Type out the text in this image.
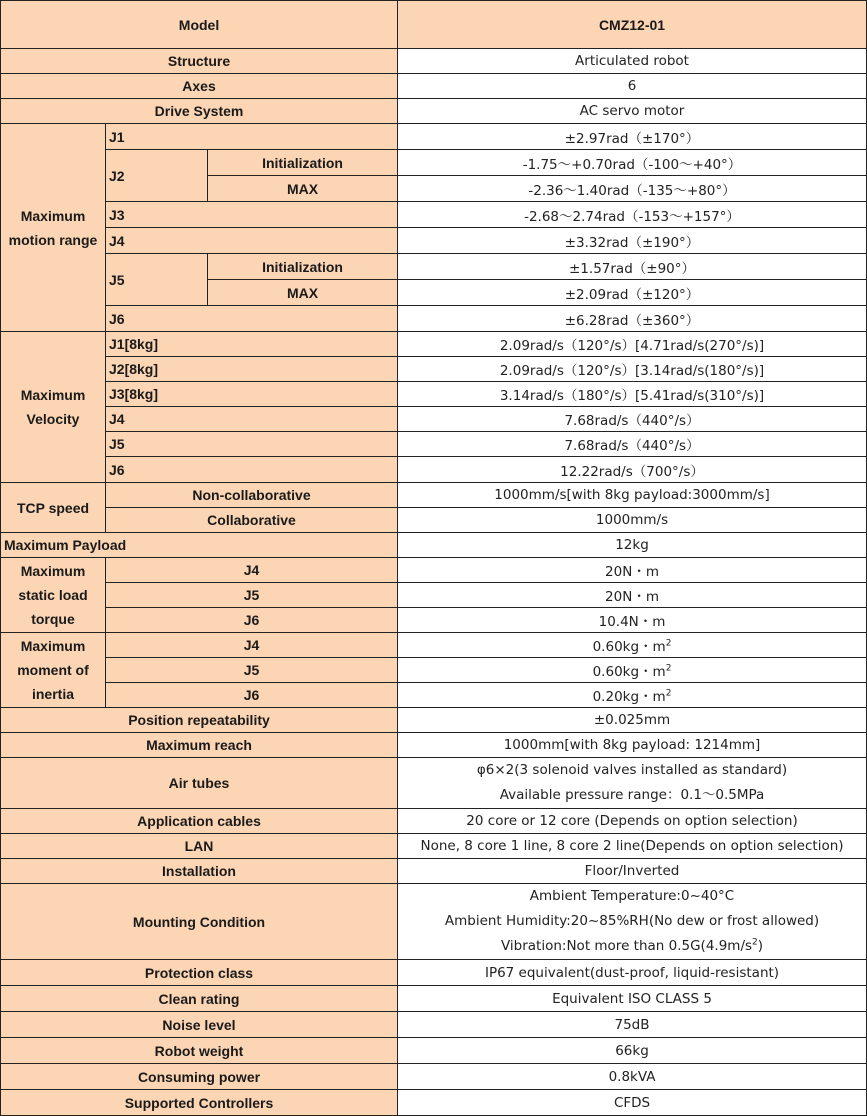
Model			CMZ12-01
Structure			Articulated robot
Axes			6
Drive System			AC servo motor
Maximum motion range	J1		±2.97rad（±170°）
	J2	Initialization	-1.75～+0.70rad（-100～+40°）
		MAX	-2.36～1.40rad（-135～+80°）
	J3		-2.68～2.74rad（-153～+157°）
	J4		±3.32rad（±190°）
	J5	Initialization	±1.57rad（±90°）
		MAX	±2.09rad（±120°）
	J6		±6.28rad（±360°）
Maximum Velocity	J1[8kg]		2.09rad/s（120°/s）[4.71rad/s(270°/s)]
	J2[8kg]		2.09rad/s（120°/s）[3.14rad/s(180°/s)]
	J3[8kg]		3.14rad/s（180°/s）[5.41rad/s(310°/s)]
	J4		7.68rad/s（440°/s）
	J5		7.68rad/s（440°/s）
	J6		12.22rad/s（700°/s）
TCP speed	Non-collaborative		1000mm/s[with 8kg payload:3000mm/s]
	Collaborative		1000mm/s
Maximum Payload			12kg
Maximum static load torque	J4		20N・m
	J5		20N・m
	J6		10.4N・m
Maximum moment of inertia	J4		0.60kg・$m^2$
	J5		0.60kg・$m^2$
	J6		0.20kg・$m^2$
Position repeatability			±0.025mm
Maximum reach			1000mm[with 8kg payload: 1214mm]
Air tubes			φ6×2(3 solenoid valves installed as standard)
Available pressure range：0.1～0.5MPa

Application cables			20 core or 12 core (Depends on option selection)
LAN			None, 8 core 1 line, 8 core 2 line(Depends on option selection)
Installation			Floor/Inverted
Mounting Condition			Ambient Temperature:0~40°C
Ambient Humidity:20~85%RH(No dew or frost allowed)
Vibration:Not more than $0.5G(4.9m/s^2)$

Protection class			IP67 equivalent(dust-proof, liquid-resistant)
Clean rating			Equivalent ISO CLASS 5
Noise level			75dB
Robot weight			66kg
Consuming power			0.8kVA
Supported Controllers			CFDS
